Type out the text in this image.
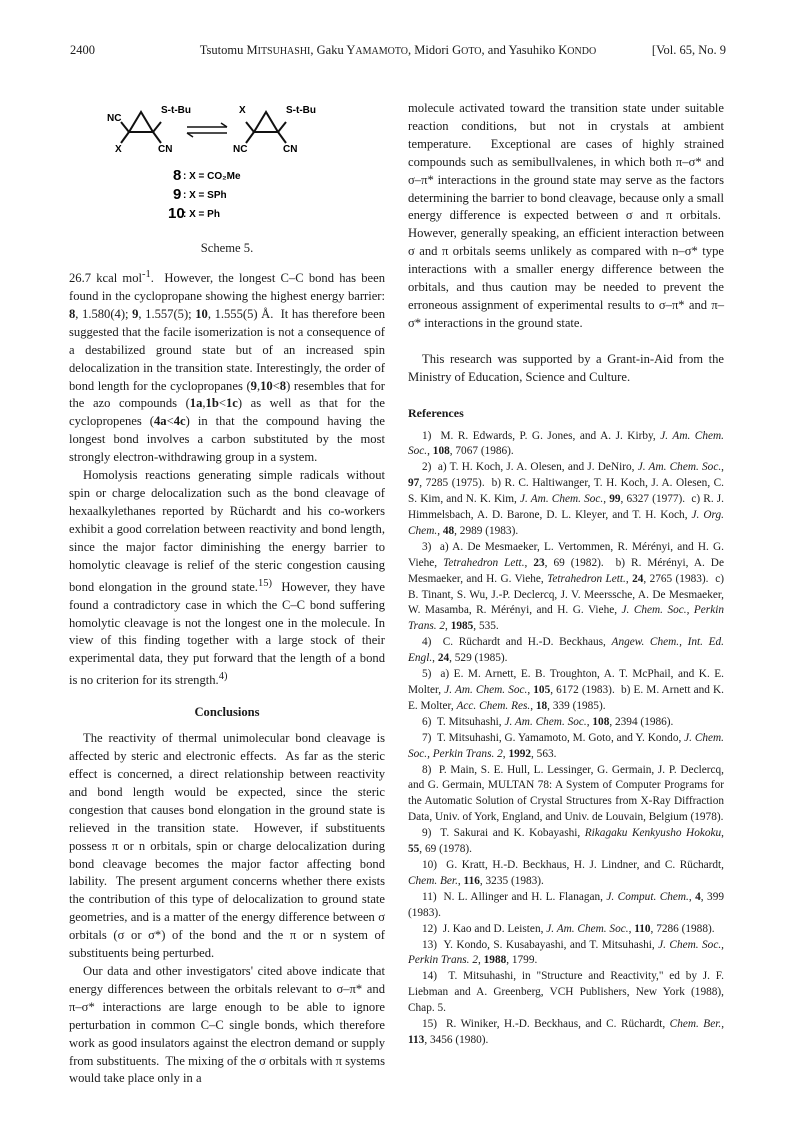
2400	Tsutomu MITSUHASHI, Gaku YAMAMOTO, Midori GOTO, and Yasuhiko KONDO	[Vol. 65, No. 9
NC
S-t-Bu
X	CN
X	S-t-Bu
NC	CN
8 : X = CO₂Me
9 : X = SPh
10
: X = Ph
Scheme 5.

26.7 kcal mol$^{-1}$.  However, the longest C–C bond has been found in the cyclopropane showing the highest energy barrier: 8, 1.580(4); 9, 1.557(5); 10, 1.555(5) Å.  It has therefore been suggested that the facile isomerization is not a consequence of a destabilized ground state but of an increased spin delocalization in the transition state. Interestingly, the order of bond length for the cyclopropanes (9,10<8) resembles that for the azo compounds (1a,1b<1c) as well as that for the cyclopropenes (4a<4c) in that the compound having the longest bond involves a carbon substituted by the most strongly electron-withdrawing group in a system.

Homolysis reactions generating simple radicals without spin or charge delocalization such as the bond cleavage of hexaalkylethanes reported by Rüchardt and his co-workers exhibit a good correlation between reactivity and bond length, since the major factor diminishing the energy barrier to homolytic cleavage is relief of the steric congestion causing bond elongation in the ground state.$^{15)}$  However, they have found a contradictory case in which the C–C bond suffering homolytic cleavage is not the longest one in the molecule. In view of this finding together with a large stock of their experimental data, they put forward that the length of a bond is no criterion for its strength.$^{4)}$

Conclusions

The reactivity of thermal unimolecular bond cleavage is affected by steric and electronic effects.  As far as the steric effect is concerned, a direct relationship between reactivity and bond length would be expected, since the steric congestion that causes bond elongation in the ground state is relieved in the transition state.  However, if substituents possess π or n orbitals, spin or charge delocalization during bond cleavage becomes the major factor affecting bond lability.  The present argument concerns whether there exists the contribution of this type of delocalization to ground state geometries, and is a matter of the energy difference between σ orbitals (σ or σ*) of the bond and the π or n system of substituents being perturbed.

Our data and other investigators' cited above indicate that energy differences between the orbitals relevant to σ–π* and π–σ* interactions are large enough to be able to ignore perturbation in common C–C single bonds, which therefore work as good insulators against the electron demand or supply from substituents.  The mixing of the σ orbitals with π systems would take place only in a

molecule activated toward the transition state under suitable reaction conditions, but not in crystals at ambient temperature.  Exceptional are cases of highly strained compounds such as semibullvalenes, in which both π–σ* and σ–π* interactions in the ground state may serve as the factors determining the barrier to bond cleavage, because only a small energy difference is expected between σ and π orbitals.  However, generally speaking, an efficient interaction between σ and π orbitals seems unlikely as compared with n–σ* type interactions with a smaller energy difference between the orbitals, and thus caution may be needed to prevent the erroneous assignment of experimental results to σ–π* and π–σ* interactions in the ground state.

This research was supported by a Grant-in-Aid from the Ministry of Education, Science and Culture.

References

1)  M. R. Edwards, P. G. Jones, and A. J. Kirby, J. Am. Chem. Soc., 108, 7067 (1986).

2)  a) T. H. Koch, J. A. Olesen, and J. DeNiro, J. Am. Chem. Soc., 97, 7285 (1975).  b) R. C. Haltiwanger, T. H. Koch, J. A. Olesen, C. S. Kim, and N. K. Kim, J. Am. Chem. Soc., 99, 6327 (1977).  c) R. J. Himmelsbach, A. D. Barone, D. L. Kleyer, and T. H. Koch, J. Org. Chem., 48, 2989 (1983).

3)  a) A. De Mesmaeker, L. Vertommen, R. Mérényi, and H. G. Viehe, Tetrahedron Lett., 23, 69 (1982).  b) R. Mérényi, A. De Mesmaeker, and H. G. Viehe, Tetrahedron Lett., 24, 2765 (1983).  c) B. Tinant, S. Wu, J.-P. Declercq, J. V. Meerssche, A. De Mesmaeker, W. Masamba, R. Mérényi, and H. G. Viehe, J. Chem. Soc., Perkin Trans. 2, 1985, 535.

4)  C. Rüchardt and H.-D. Beckhaus, Angew. Chem., Int. Ed. Engl., 24, 529 (1985).

5)  a) E. M. Arnett, E. B. Troughton, A. T. McPhail, and K. E. Molter, J. Am. Chem. Soc., 105, 6172 (1983).  b) E. M. Arnett and K. E. Molter, Acc. Chem. Res., 18, 339 (1985).

6)  T. Mitsuhashi, J. Am. Chem. Soc., 108, 2394 (1986).

7)  T. Mitsuhashi, G. Yamamoto, M. Goto, and Y. Kondo, J. Chem. Soc., Perkin Trans. 2, 1992, 563.

8)  P. Main, S. E. Hull, L. Lessinger, G. Germain, J. P. Declercq, and G. Germain, MULTAN 78: A System of Computer Programs for the Automatic Solution of Crystal Structures from X-Ray Diffraction Data, Univ. of York, England, and Univ. de Louvain, Belgium (1978).

9)  T. Sakurai and K. Kobayashi, Rikagaku Kenkyusho Hokoku, 55, 69 (1978).

10)  G. Kratt, H.-D. Beckhaus, H. J. Lindner, and C. Rüchardt, Chem. Ber., 116, 3235 (1983).

11)  N. L. Allinger and H. L. Flanagan, J. Comput. Chem., 4, 399 (1983).

12)  J. Kao and D. Leisten, J. Am. Chem. Soc., 110, 7286 (1988).

13)  Y. Kondo, S. Kusabayashi, and T. Mitsuhashi, J. Chem. Soc., Perkin Trans. 2, 1988, 1799.

14)  T. Mitsuhashi, in "Structure and Reactivity," ed by J. F. Liebman and A. Greenberg, VCH Publishers, New York (1988), Chap. 5.

15)  R. Winiker, H.-D. Beckhaus, and C. Rüchardt, Chem. Ber., 113, 3456 (1980).
